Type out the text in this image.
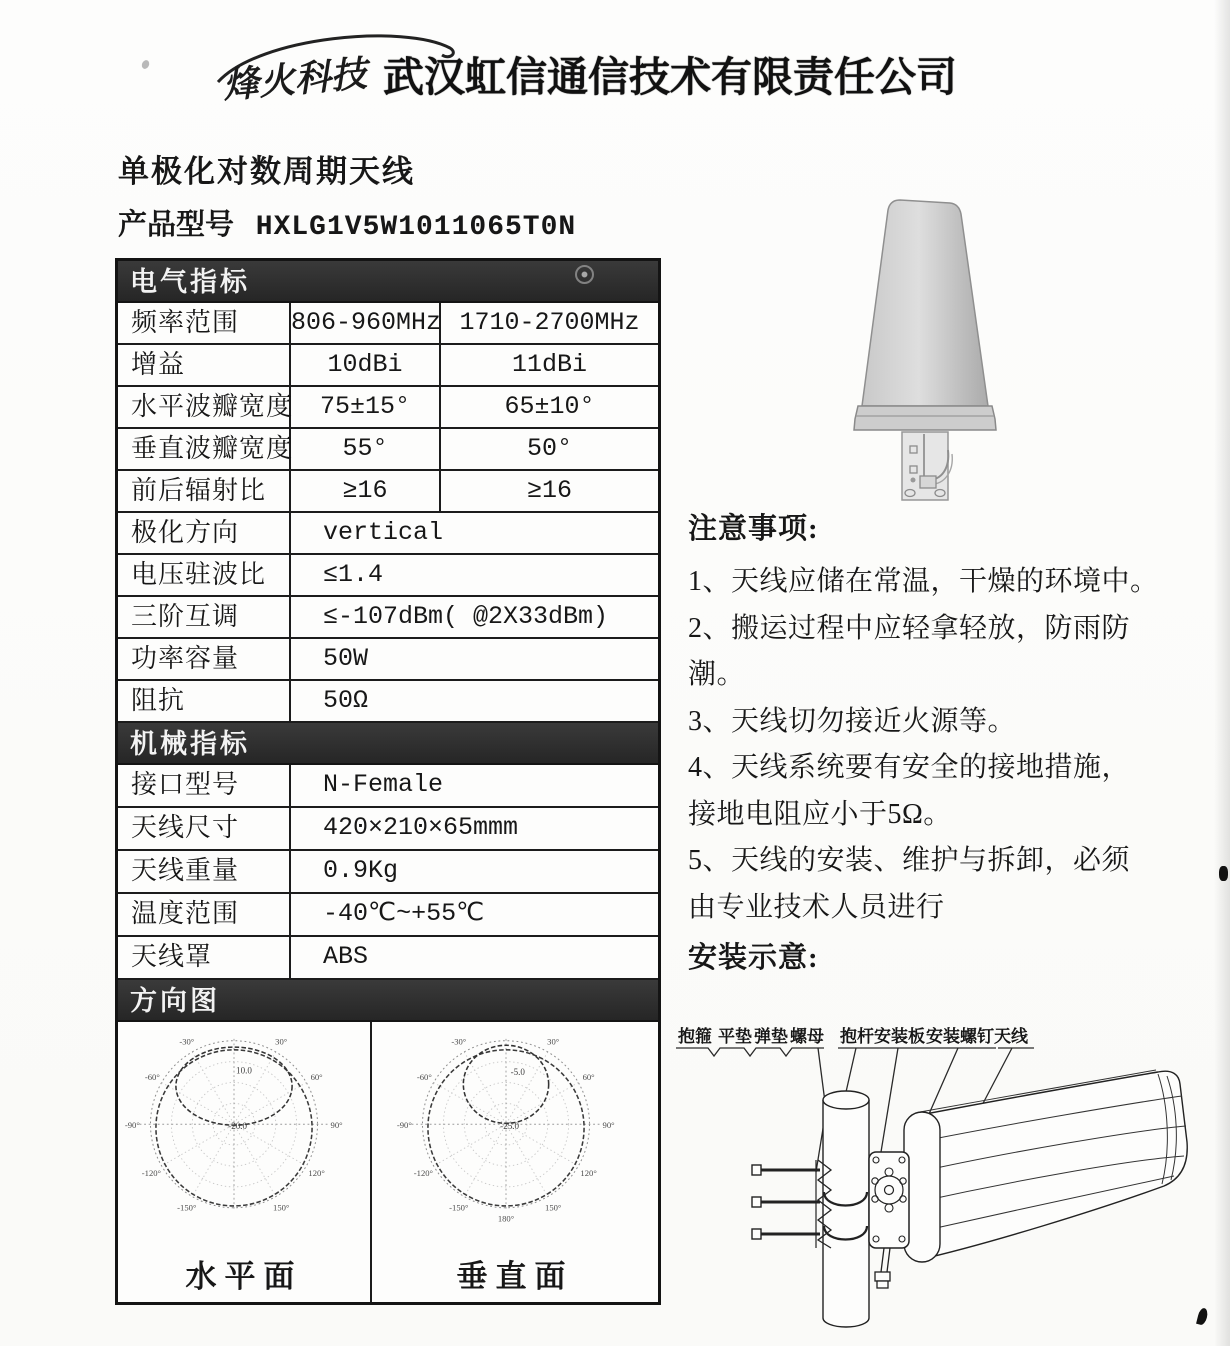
烽火科技 武汉虹信通信技术有限责任公司
单极化对数周期天线
产品型号 HXLG1V5W1011065T0N
电气指标
频率范围	806-960MHz 1710-2700MHz
增益	10dBi	11dBi
水平波瓣宽度	75±15°	65±10°
垂直波瓣宽度	55°	50°
前后辐射比	≥16	≥16
极化方向	vertical
电压驻波比	≤1.4
三阶互调	≤-107dBm( @2X33dBm)
功率容量	50W
阻抗	50Ω
机械指标
接口型号	N-Female
天线尺寸	420×210×65mmm
天线重量	0.9Kg
温度范围	-40℃~+55℃
天线罩	ABS
方向图
-30°	30°
-60°	60°
-90°	90°
-120°	120°
-150°	150°
10.0
-20.0
水平面
-30°	30°
-60°	60°
-90°	90°
-120°	120°
-150°	150°
180°
-5.0
-25.0
垂直面
注意事项:
1、天线应储在常温，干燥的环境中。
2、搬运过程中应轻拿轻放，防雨防
潮。
3、天线切勿接近火源等。
4、天线系统要有安全的接地措施，
接地电阻应小于5Ω。
5、天线的安装、维护与拆卸，必须
由专业技术人员进行
安装示意:
抱箍 平垫 弹垫 螺母 抱杆 安装板 安装螺钉 天线
